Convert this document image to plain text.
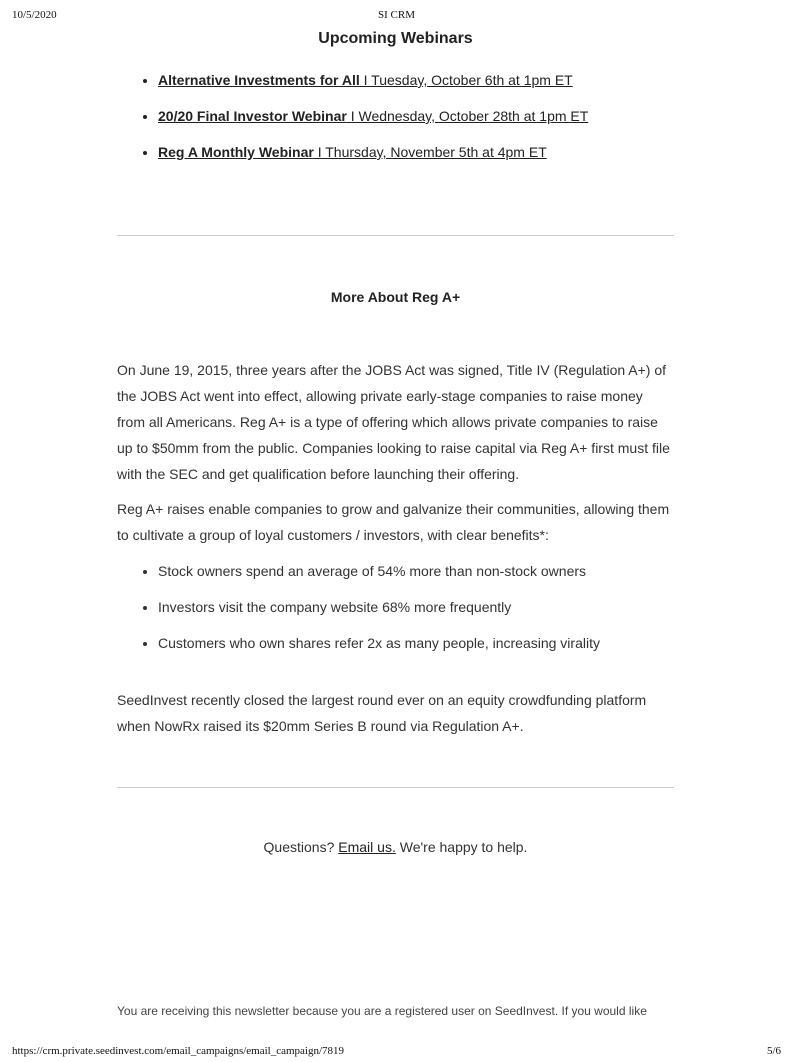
10/5/2020	SI CRM
Upcoming Webinars
• Alternative Investments for All I Tuesday, October 6th at 1pm ET
• 20/20 Final Investor Webinar I Wednesday, October 28th at 1pm ET
• Reg A Monthly Webinar I Thursday, November 5th at 4pm ET
More About Reg A+

On June 19, 2015, three years after the JOBS Act was signed, Title IV (Regulation A+) of the JOBS Act went into effect, allowing private early-stage companies to raise money from all Americans. Reg A+ is a type of offering which allows private companies to raise up to $50mm from the public. Companies looking to raise capital via Reg A+ first must file with the SEC and get qualification before launching their offering.

Reg A+ raises enable companies to grow and galvanize their communities, allowing them to cultivate a group of loyal customers / investors, with clear benefits*:

• Stock owners spend an average of 54% more than non-stock owners
• Investors visit the company website 68% more frequently
• Customers who own shares refer 2x as many people, increasing virality

SeedInvest recently closed the largest round ever on an equity crowdfunding platform when NowRx raised its $20mm Series B round via Regulation A+.

Questions? Email us. We're happy to help.

You are receiving this newsletter because you are a registered user on SeedInvest. If you would like

https://crm.private.seedinvest.com/email_campaigns/email_campaign/7819	5/6
